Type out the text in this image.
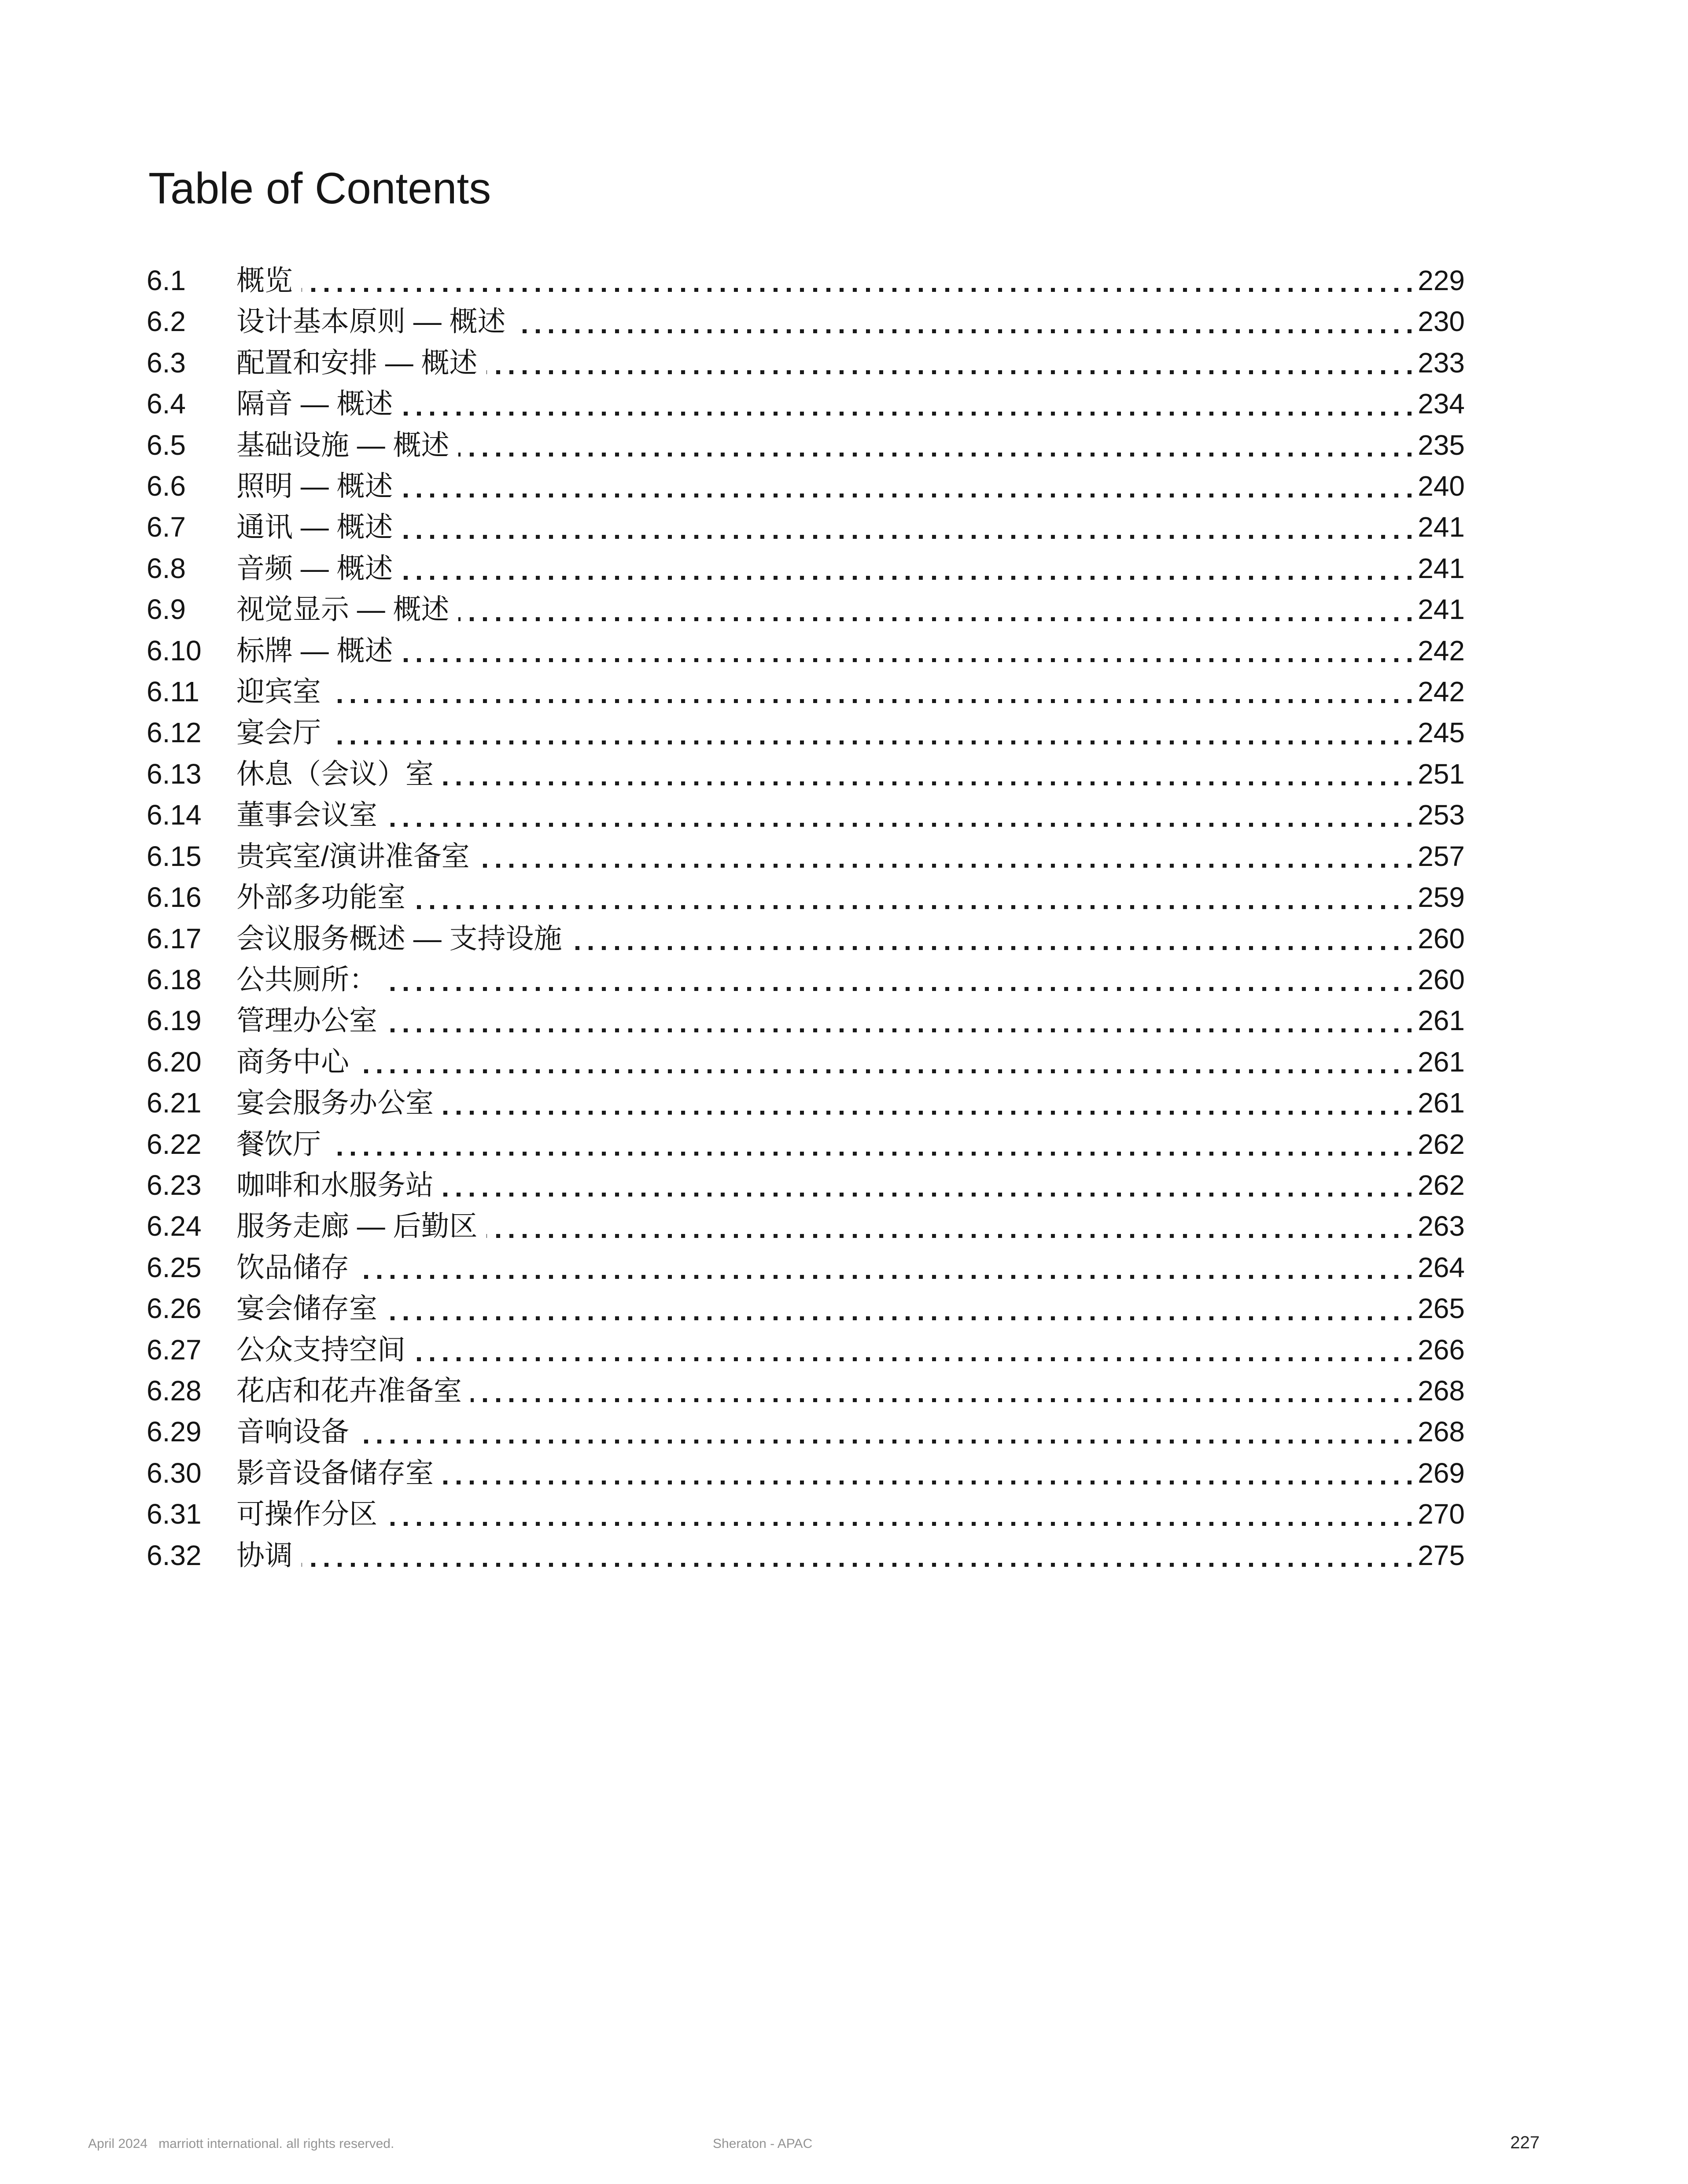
Table of Contents
6.1	概览	229
6.2	设计基本原则 — 概述	230
6.3	配置和安排 — 概述	233
6.4	隔音 — 概述	234
6.5	基础设施 — 概述	235
6.6	照明 — 概述	240
6.7	通讯 — 概述	241
6.8	音频 — 概述	241
6.9	视觉显示 — 概述	241
6.10	标牌 — 概述	242
6.11	迎宾室	242
6.12	宴会厅	245
6.13	休息（会议）室	251
6.14	董事会议室	253
6.15	贵宾室/演讲准备室	257
6.16	外部多功能室	259
6.17	会议服务概述 — 支持设施	260
6.18	公共厕所：	260
6.19	管理办公室	261
6.20	商务中心	261
6.21	宴会服务办公室	261
6.22	餐饮厅	262
6.23	咖啡和水服务站	262
6.24	服务走廊 — 后勤区	263
6.25	饮品储存	264
6.26	宴会储存室	265
6.27	公众支持空间	266
6.28	花店和花卉准备室	268
6.29	音响设备	268
6.30	影音设备储存室	269
6.31	可操作分区	270
6.32	协调	275
April 2024   marriott international. all rights reserved.	Sheraton - APAC	227
